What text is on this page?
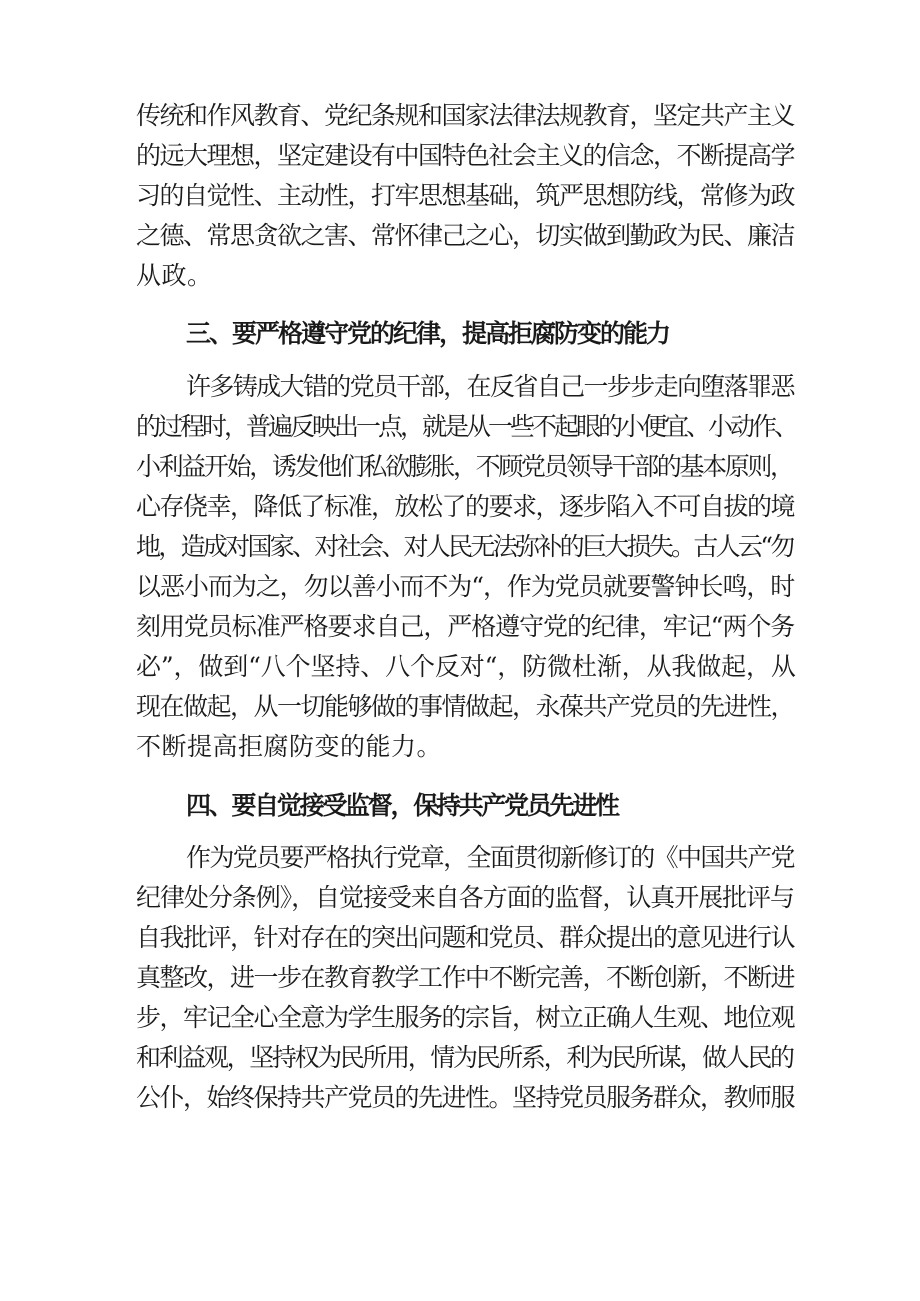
传统和作风教育、党纪条规和国家法律法规教育，坚定共产主义
的远大理想，坚定建设有中国特色社会主义的信念，不断提高学
习的自觉性、主动性，打牢思想基础，筑严思想防线，常修为政
之德、常思贪欲之害、常怀律己之心，切实做到勤政为民、廉洁
从政。
三、要严格遵守党的纪律，提高拒腐防变的能力
许多铸成大错的党员干部，在反省自己一步步走向堕落罪恶
的过程时，普遍反映出一点，就是从一些不起眼的小便宜、小动作、
小利益开始，诱发他们私欲膨胀，不顾党员领导干部的基本原则，
心存侥幸，降低了标准，放松了的要求，逐步陷入不可自拔的境
地，造成对国家、对社会、对人民无法弥补的巨大损失。古人云“勿
以恶小而为之，勿以善小而不为“，作为党员就要警钟长鸣，时
刻用党员标准严格要求自己，严格遵守党的纪律，牢记“两个务
必”，做到“八个坚持、八个反对“，防微杜渐，从我做起，从
现在做起，从一切能够做的事情做起，永葆共产党员的先进性，
不断提高拒腐防变的能力。
四、要自觉接受监督，保持共产党员先进性
作为党员要严格执行党章，全面贯彻新修订的《中国共产党
纪律处分条例》，自觉接受来自各方面的监督，认真开展批评与
自我批评，针对存在的突出问题和党员、群众提出的意见进行认
真整改，进一步在教育教学工作中不断完善，不断创新，不断进
步，牢记全心全意为学生服务的宗旨，树立正确人生观、地位观
和利益观，坚持权为民所用，情为民所系，利为民所谋，做人民的
公仆，始终保持共产党员的先进性。坚持党员服务群众，教师服
